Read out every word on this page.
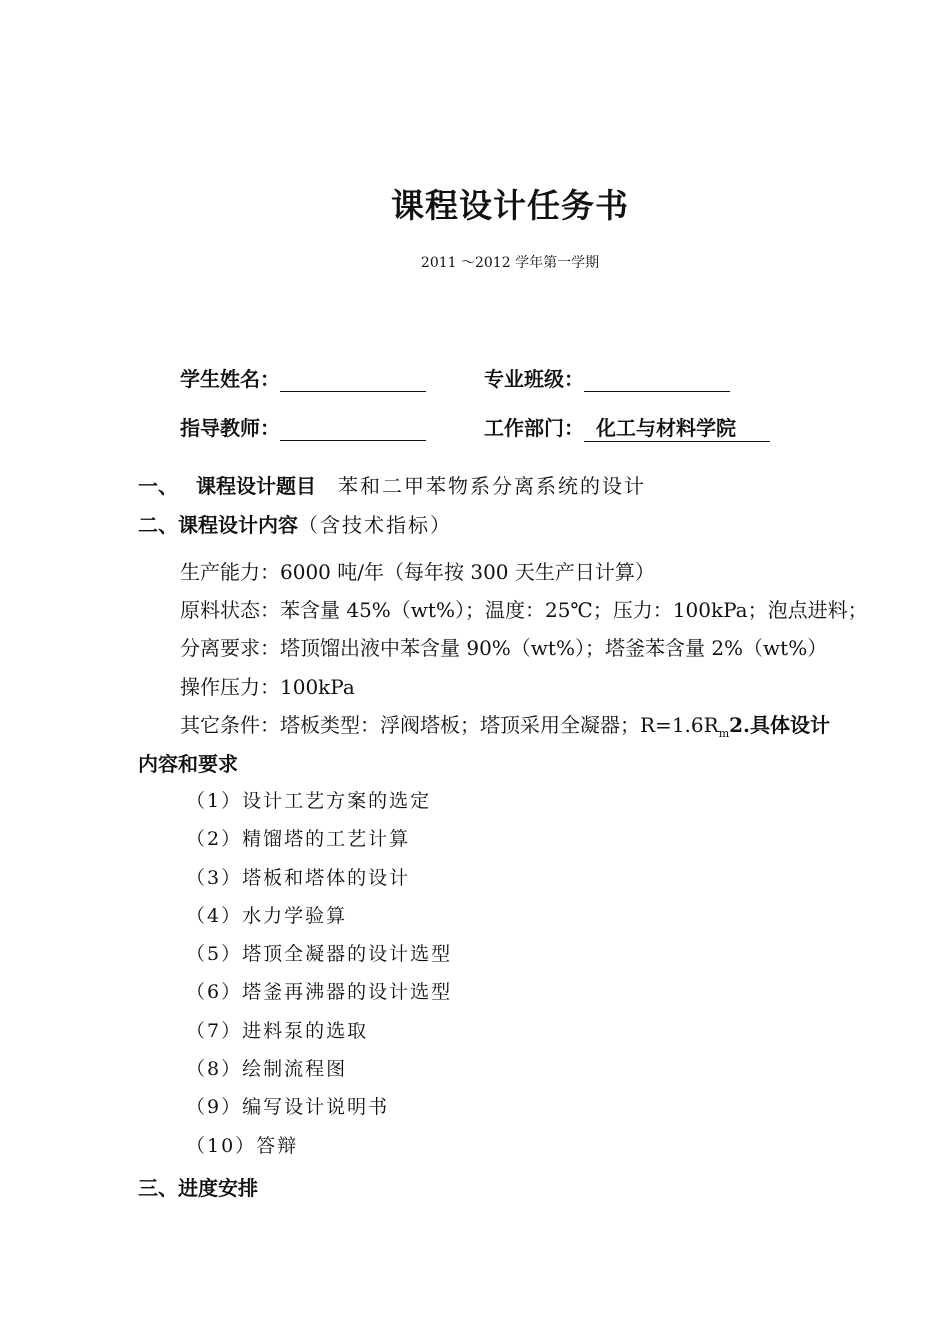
课程设计任务书
2011 ～2012 学年第一学期
学生姓名：	专业班级：
指导教师：	工作部门： 化工与材料学院
一、 课程设计题目 苯和二甲苯物系分离系统的设计
二、课程设计内容（含技术指标）
生产能力：6000 吨/年（每年按 300 天生产日计算）
原料状态：苯含量 45%（wt%）；温度：25℃；压力：100kPa；泡点进料；
分离要求：塔顶馏出液中苯含量 90%（wt%）；塔釜苯含量 2%（wt%）
操作压力：100kPa
其它条件：塔板类型：浮阀塔板；塔顶采用全凝器；$R=1.6R_m2$.具体设计
内容和要求
（1）设计工艺方案的选定
（2）精馏塔的工艺计算
（3）塔板和塔体的设计
（4）水力学验算
（5）塔顶全凝器的设计选型
（6）塔釜再沸器的设计选型
（7）进料泵的选取
（8）绘制流程图
（9）编写设计说明书
（10）答辩
三、进度安排
